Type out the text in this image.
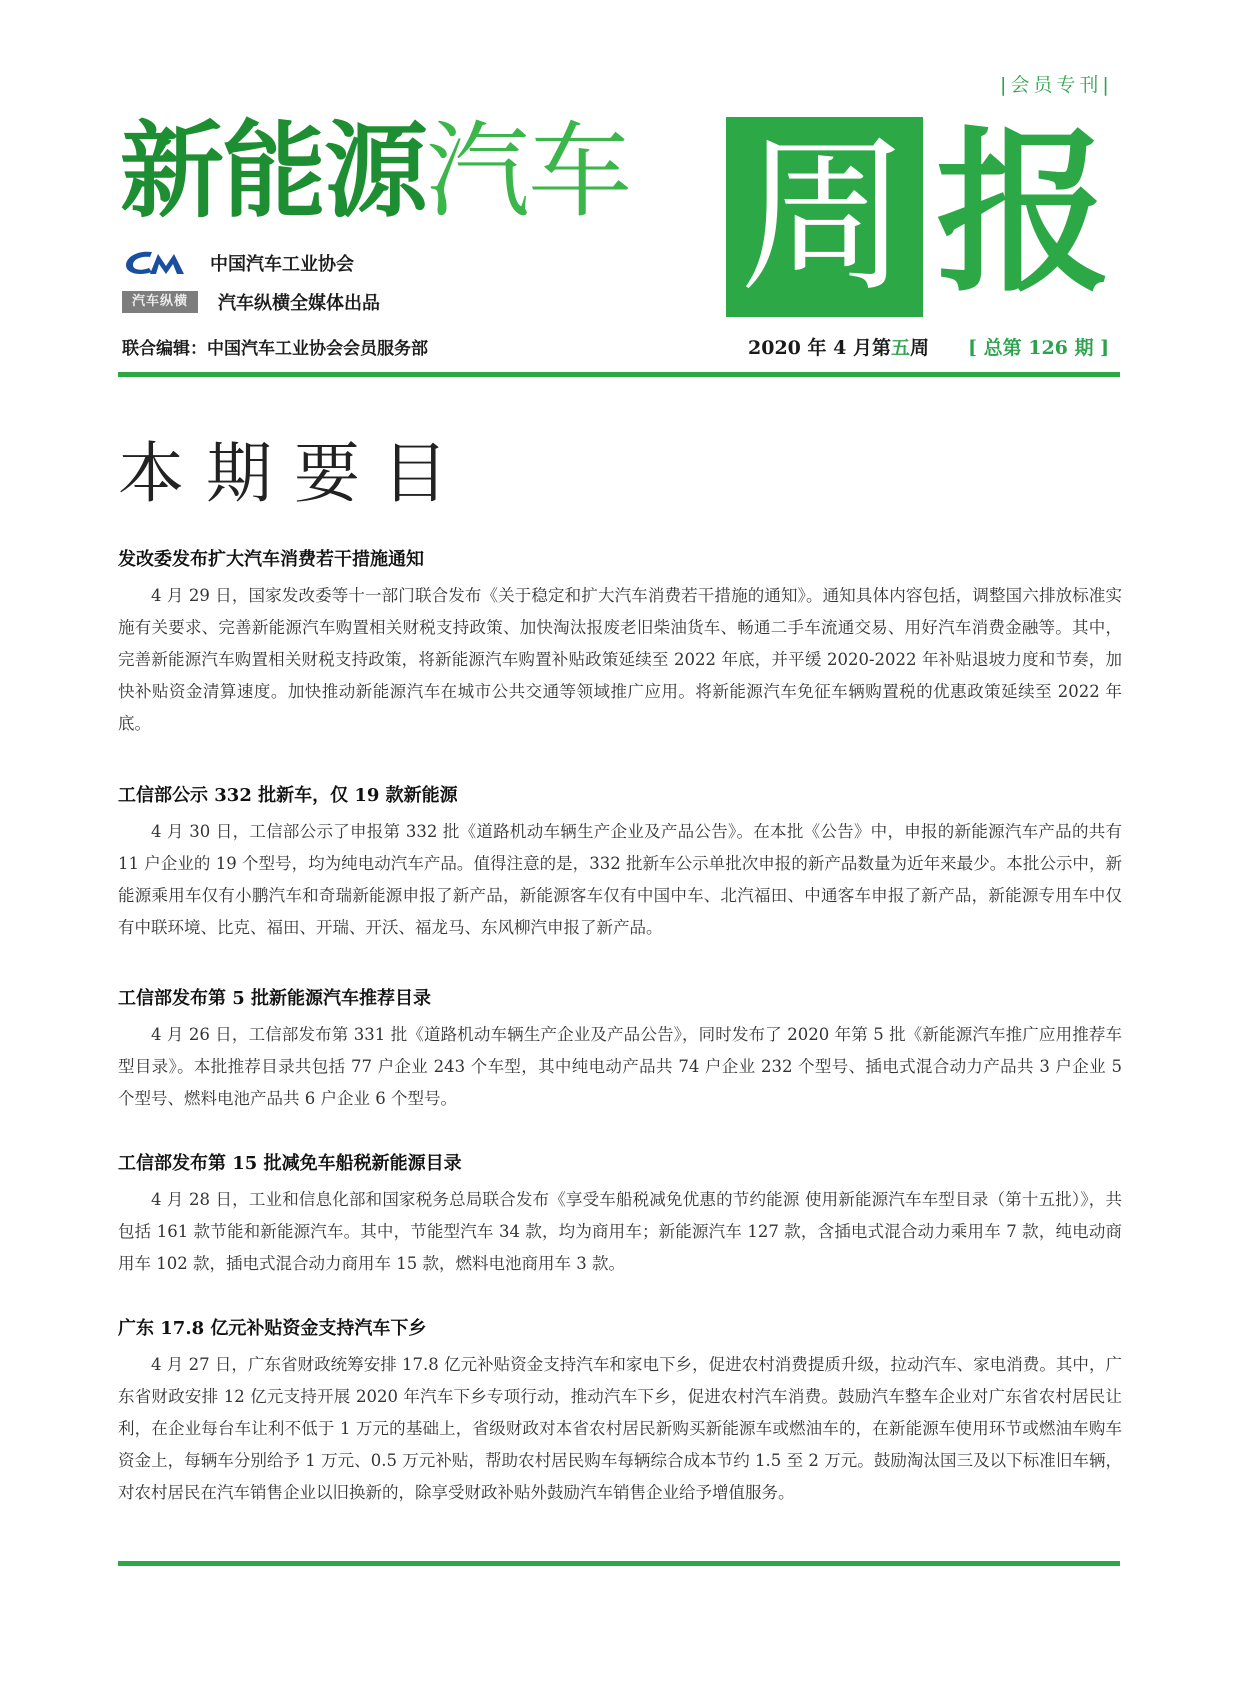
|会员专刊|
新能源汽车 周 报
中国汽车工业协会
汽车纵横	汽车纵横全媒体出品
联合编辑：中国汽车工业协会会员服务部	2020 年 4 月第五周 [ 总第 126 期 ]
本期要目
发改委发布扩大汽车消费若干措施通知

4 月 29 日，国家发改委等十一部门联合发布《关于稳定和扩大汽车消费若干措施的通知》。通知具体内容包括，调整国六排放标准实施有关要求、完善新能源汽车购置相关财税支持政策、加快淘汰报废老旧柴油货车、畅通二手车流通交易、用好汽车消费金融等。其中，完善新能源汽车购置相关财税支持政策，将新能源汽车购置补贴政策延续至 2022 年底，并平缓 2020-2022 年补贴退坡力度和节奏，加快补贴资金清算速度。加快推动新能源汽车在城市公共交通等领域推广应用。将新能源汽车免征车辆购置税的优惠政策延续至 2022 年底。

工信部公示 332 批新车，仅 19 款新能源

4 月 30 日，工信部公示了申报第 332 批《道路机动车辆生产企业及产品公告》。在本批《公告》中，申报的新能源汽车产品的共有 11 户企业的 19 个型号，均为纯电动汽车产品。值得注意的是，332 批新车公示单批次申报的新产品数量为近年来最少。本批公示中，新能源乘用车仅有小鹏汽车和奇瑞新能源申报了新产品，新能源客车仅有中国中车、北汽福田、中通客车申报了新产品，新能源专用车中仅有中联环境、比克、福田、开瑞、开沃、福龙马、东风柳汽申报了新产品。

工信部发布第 5 批新能源汽车推荐目录

4 月 26 日，工信部发布第 331 批《道路机动车辆生产企业及产品公告》，同时发布了 2020 年第 5 批《新能源汽车推广应用推荐车型目录》。本批推荐目录共包括 77 户企业 243 个车型，其中纯电动产品共 74 户企业 232 个型号、插电式混合动力产品共 3 户企业 5 个型号、燃料电池产品共 6 户企业 6 个型号。

工信部发布第 15 批减免车船税新能源目录

4 月 28 日，工业和信息化部和国家税务总局联合发布《享受车船税减免优惠的节约能源 使用新能源汽车车型目录（第十五批）》，共包括 161 款节能和新能源汽车。其中，节能型汽车 34 款，均为商用车；新能源汽车 127 款，含插电式混合动力乘用车 7 款，纯电动商用车 102 款，插电式混合动力商用车 15 款，燃料电池商用车 3 款。

广东 17.8 亿元补贴资金支持汽车下乡

4 月 27 日，广东省财政统筹安排 17.8 亿元补贴资金支持汽车和家电下乡，促进农村消费提质升级，拉动汽车、家电消费。其中，广东省财政安排 12 亿元支持开展 2020 年汽车下乡专项行动，推动汽车下乡，促进农村汽车消费。鼓励汽车整车企业对广东省农村居民让利，在企业每台车让利不低于 1 万元的基础上，省级财政对本省农村居民新购买新能源车或燃油车的，在新能源车使用环节或燃油车购车资金上，每辆车分别给予 1 万元、0.5 万元补贴，帮助农村居民购车每辆综合成本节约 1.5 至 2 万元。鼓励淘汰国三及以下标准旧车辆，对农村居民在汽车销售企业以旧换新的，除享受财政补贴外鼓励汽车销售企业给予增值服务。
